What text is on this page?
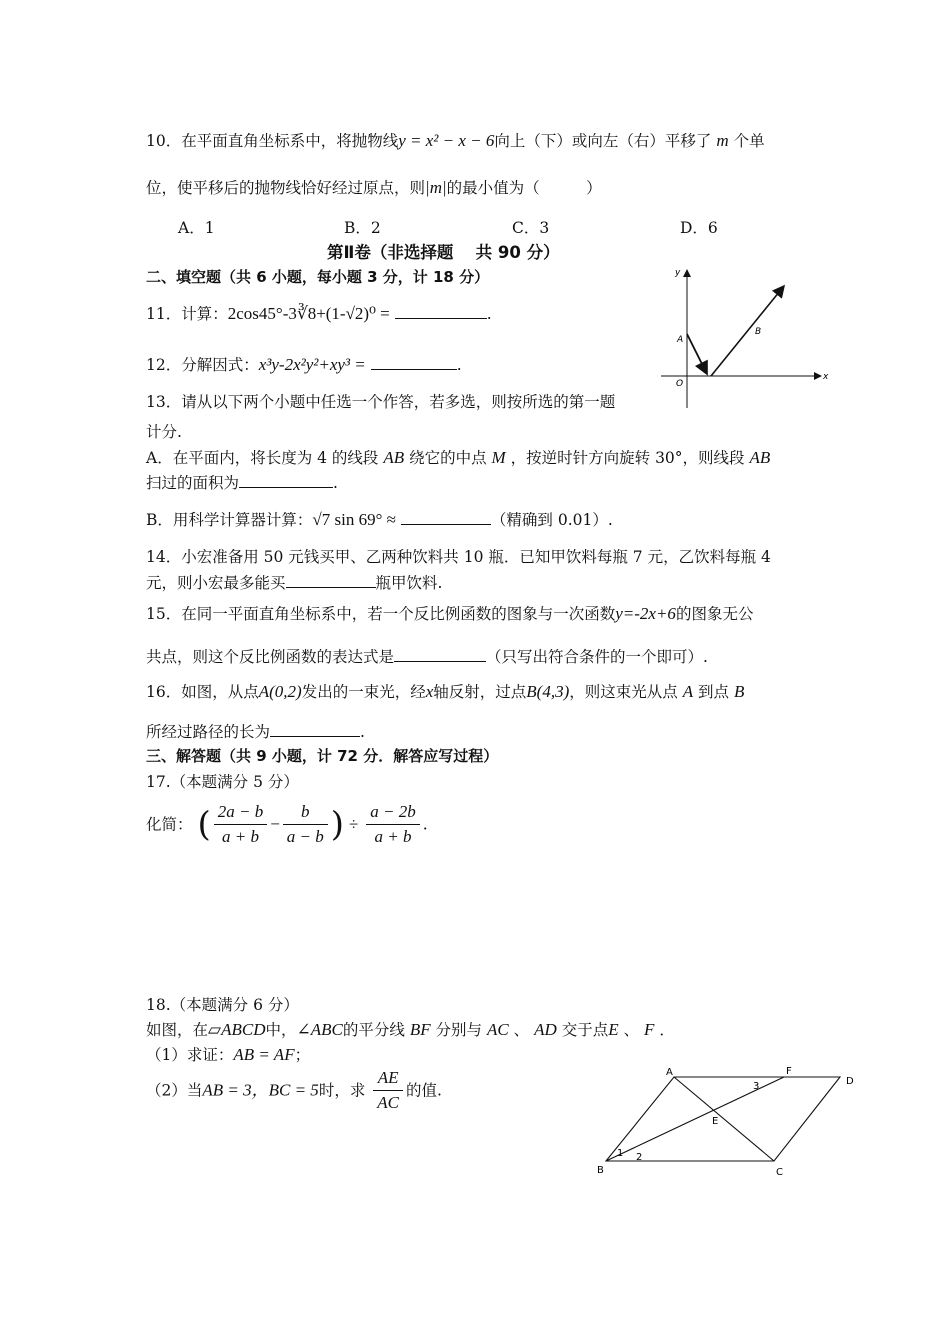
10．在平面直角坐标系中，将抛物线y = x² − x − 6向上（下）或向左（右）平移了 m 个单
位，使平移后的抛物线恰好经过原点，则|m|的最小值为（　　　）
A．1	B．2	C．3	D．6
第Ⅱ卷（非选择题　 共 90 分）
二、填空题（共 6 小题，每小题 3 分，计 18 分）
11．计算：2cos45°-3∛8+(1-√2)⁰ =	.
12．分解因式：x³y-2x²y²+xy³ =	.
y
x
O
A
B
13．请从以下两个小题中任选一个作答，若多选，则按所选的第一题
计分.
A．在平面内，将长度为 4 的线段 AB 绕它的中点 M ，按逆时针方向旋转 30°，则线段 AB
扫过的面积为	.
B．用科学计算器计算：√7 sin 69° ≈	（精确到 0.01）.
14．小宏准备用 50 元钱买甲、乙两种饮料共 10 瓶．已知甲饮料每瓶 7 元，乙饮料每瓶 4
元，则小宏最多能买	瓶甲饮料.
15．在同一平面直角坐标系中，若一个反比例函数的图象与一次函数y=-2x+6的图象无公
共点，则这个反比例函数的表达式是	（只写出符合条件的一个即可）.
16．如图，从点A(0,2)发出的一束光，经x轴反射，过点B(4,3)，则这束光从点 A 到点 B
所经过路径的长为	.
三、解答题（共 9 小题，计 72 分．解答应写过程）
17.（本题满分 5 分）
化简： ( $\frac{2a - b}{a + b} - \frac{b}{a - b}$ ) ÷ $\frac{a - 2b}{a + b}$ .
18.（本题满分 6 分）
如图，在▱ABCD中，∠ABC的平分线 BF 分别与 AC 、 AD 交于点E 、 F ．
（1）求证：AB = AF；
（2）当AB = 3，BC = 5时，求 $\frac{AE}{AC}$ 的值.
A	F
D
E
B	C
1 2
3
